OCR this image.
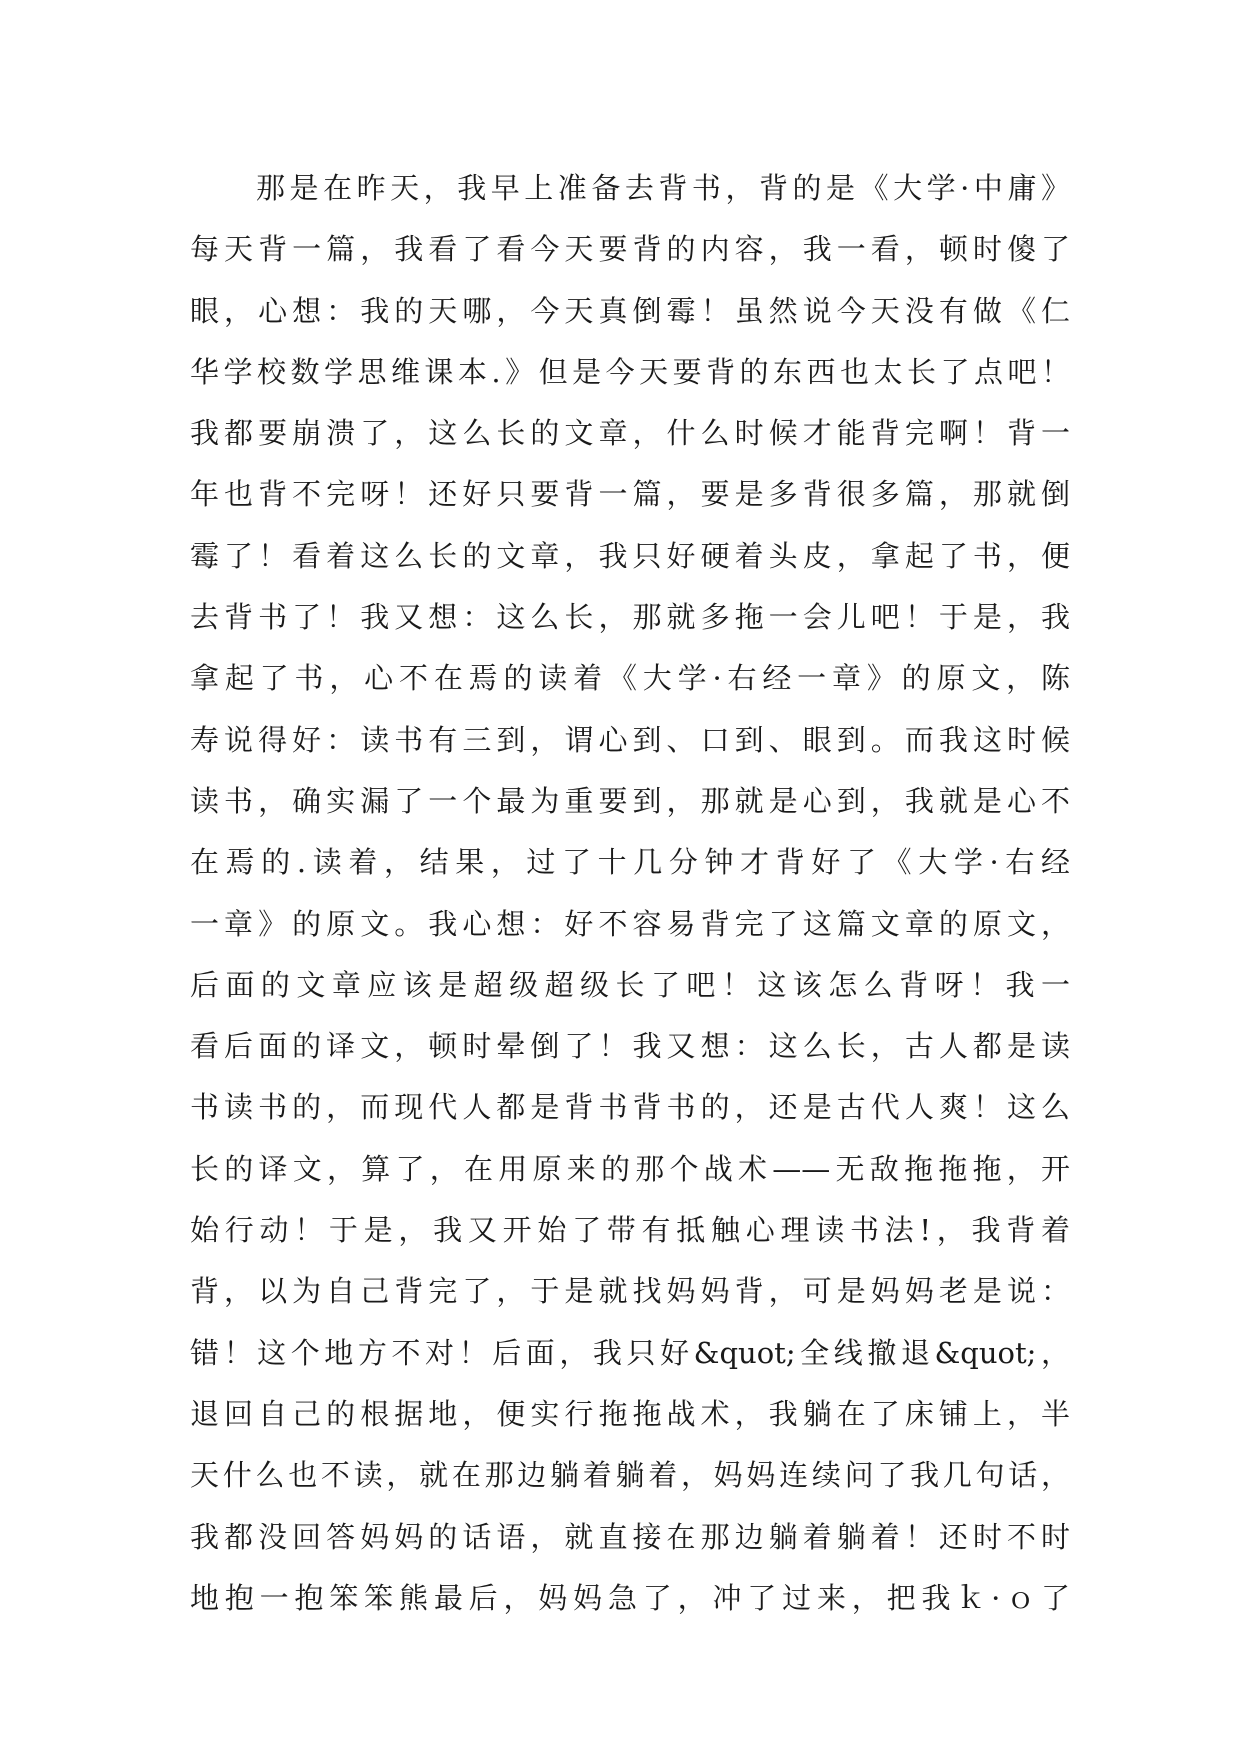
那是在昨天，我早上准备去背书，背的是《大学·中庸》
每天背一篇，我看了看今天要背的内容，我一看，顿时傻了
眼，心想：我的天哪，今天真倒霉！虽然说今天没有做《仁
华学校数学思维课本.》但是今天要背的东西也太长了点吧！
我都要崩溃了，这么长的文章，什么时候才能背完啊！背一
年也背不完呀！还好只要背一篇，要是多背很多篇，那就倒
霉了！看着这么长的文章，我只好硬着头皮，拿起了书，便
去背书了！我又想：这么长，那就多拖一会儿吧！于是，我
拿起了书，心不在焉的读着《大学·右经一章》的原文，陈
寿说得好：读书有三到，谓心到、口到、眼到。而我这时候
读书，确实漏了一个最为重要到，那就是心到，我就是心不
在焉的.读着，结果，过了十几分钟才背好了《大学·右经
一章》的原文。我心想：好不容易背完了这篇文章的原文，
后面的文章应该是超级超级长了吧！这该怎么背呀！我一
看后面的译文，顿时晕倒了！我又想：这么长，古人都是读
书读书的，而现代人都是背书背书的，还是古代人爽！这么
长的译文，算了，在用原来的那个战术——无敌拖拖拖，开
始行动！于是，我又开始了带有抵触心理读书法!，我背着
背，以为自己背完了，于是就找妈妈背，可是妈妈老是说：
错！这个地方不对！后面，我只好&quot;全线撤退&quot;，
退回自己的根据地，便实行拖拖战术，我躺在了床铺上，半
天什么也不读，就在那边躺着躺着，妈妈连续问了我几句话，
我都没回答妈妈的话语，就直接在那边躺着躺着！还时不时
地抱一抱笨笨熊最后，妈妈急了，冲了过来，把我ｋ·ｏ了
